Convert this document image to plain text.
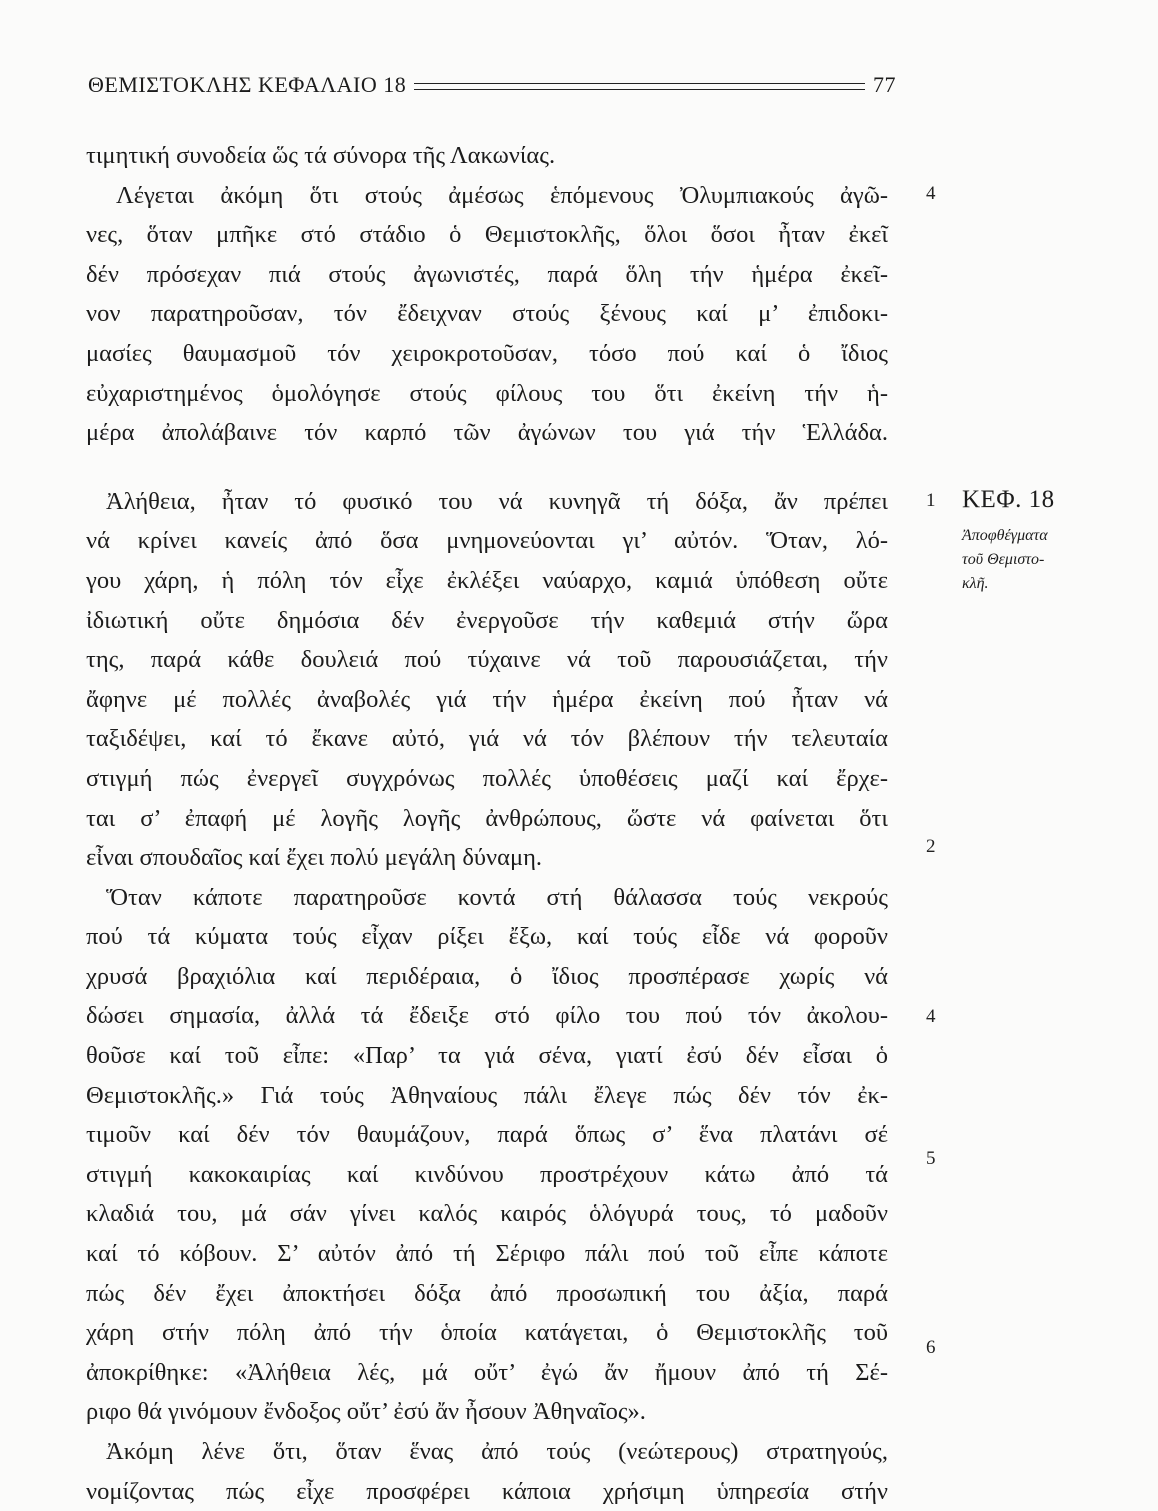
ΘΕΜΙΣΤΟΚΛΗΣ ΚΕΦΑΛΑΙΟ 18	77
τιμητική συνοδεία ὥς τά σύνορα τῆς Λακωνίας.
Λέγεται ἀκόμη ὅτι στούς ἀμέσως ἑπόμενους Ὀλυμπιακούς ἀγῶ-
νες, ὅταν μπῆκε στό στάδιο ὁ Θεμιστοκλῆς, ὅλοι ὅσοι ἦταν ἐκεῖ
δέν πρόσεχαν πιά στούς ἀγωνιστές, παρά ὅλη τήν ἡμέρα ἐκεῖ-
νον παρατηροῦσαν, τόν ἔδειχναν στούς ξένους καί μ’ ἐπιδοκι-
μασίες θαυμασμοῦ τόν χειροκροτοῦσαν, τόσο πού καί ὁ ἴδιος
εὐχαριστημένος ὁμολόγησε στούς φίλους του ὅτι ἐκείνη τήν ἡ-
μέρα ἀπολάβαινε τόν καρπό τῶν ἀγώνων του γιά τήν Ἑλλάδα.
Ἀλήθεια, ἦταν τό φυσικό του νά κυνηγᾶ τή δόξα, ἄν πρέπει
νά κρίνει κανείς ἀπό ὅσα μνημονεύονται γι’ αὐτόν. Ὅταν, λό-
γου χάρη, ἡ πόλη τόν εἶχε ἐκλέξει ναύαρχο, καμιά ὑπόθεση οὔτε
ἰδιωτική οὔτε δημόσια δέν ἐνεργοῦσε τήν καθεμιά στήν ὥρα
της, παρά κάθε δουλειά πού τύχαινε νά τοῦ παρουσιάζεται, τήν
ἄφηνε μέ πολλές ἀναβολές γιά τήν ἡμέρα ἐκείνη πού ἦταν νά
ταξιδέψει, καί τό ἔκανε αὐτό, γιά νά τόν βλέπουν τήν τελευταία
στιγμή πώς ἐνεργεῖ συγχρόνως πολλές ὑποθέσεις μαζί καί ἔρχε-
ται σ’ ἐπαφή μέ λογῆς λογῆς ἀνθρώπους, ὥστε νά φαίνεται ὅτι
εἶναι σπουδαῖος καί ἔχει πολύ μεγάλη δύναμη.
Ὅταν κάποτε παρατηροῦσε κοντά στή θάλασσα τούς νεκρούς
πού τά κύματα τούς εἶχαν ρίξει ἔξω, καί τούς εἶδε νά φοροῦν
χρυσά βραχιόλια καί περιδέραια, ὁ ἴδιος προσπέρασε χωρίς νά
δώσει σημασία, ἀλλά τά ἔδειξε στό φίλο του πού τόν ἀκολου-
θοῦσε καί τοῦ εἶπε: «Παρ’ τα γιά σένα, γιατί ἐσύ δέν εἶσαι ὁ
Θεμιστοκλῆς.» Γιά τούς Ἀθηναίους πάλι ἔλεγε πώς δέν τόν ἐκ-
τιμοῦν καί δέν τόν θαυμάζουν, παρά ὅπως σ’ ἕνα πλατάνι σέ
στιγμή κακοκαιρίας καί κινδύνου προστρέχουν κάτω ἀπό τά
κλαδιά του, μά σάν γίνει καλός καιρός ὁλόγυρά τους, τό μαδοῦν
καί τό κόβουν. Σ’ αὐτόν ἀπό τή Σέριφο πάλι πού τοῦ εἶπε κάποτε
πώς δέν ἔχει ἀποκτήσει δόξα ἀπό προσωπική του ἀξία, παρά
χάρη στήν πόλη ἀπό τήν ὁποία κατάγεται, ὁ Θεμιστοκλῆς τοῦ
ἀποκρίθηκε: «Ἀλήθεια λές, μά οὔτ’ ἐγώ ἄν ἤμουν ἀπό τή Σέ-
ριφο θά γινόμουν ἔνδοξος οὔτ’ ἐσύ ἄν ἦσουν Ἀθηναῖος».
Ἀκόμη λένε ὅτι, ὅταν ἕνας ἀπό τούς (νεώτερους) στρατηγούς,
νομίζοντας πώς εἶχε προσφέρει κάποια χρήσιμη ὑπηρεσία στήν
4
1
2
4
5
6
ΚΕΦ. 18
Ἀποφθέγματα
τοῦ Θεμιστο-
κλῆ.
